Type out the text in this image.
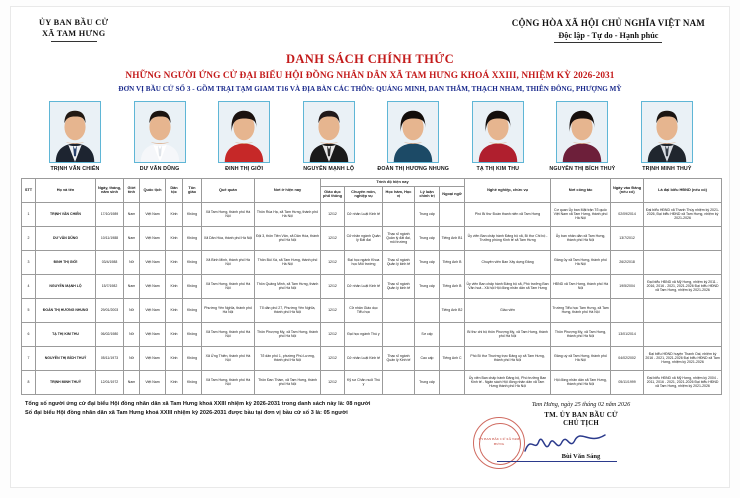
ỦY BAN BẦU CỬ
XÃ TAM HƯNG
CỘNG HÒA XÃ HỘI CHỦ NGHĨA VIỆT NAM
Độc lập - Tự do - Hạnh phúc
DANH SÁCH CHÍNH THỨC
NHỮNG NGƯỜI ỨNG CỬ ĐẠI BIỂU HỘI ĐỒNG NHÂN DÂN XÃ TAM HƯNG KHOÁ XXIII, NHIỆM KỲ 2026-2031
ĐƠN VỊ BẦU CỬ SỐ 3 - GỒM TRẠI TẠM GIAM T16 VÀ ĐỊA BÀN CÁC THÔN: QUẢNG MINH, DAN THẮM, THẠCH NHAM, THIÊN ĐÔNG, PHƯỢNG MỸ
TRỊNH VĂN CHIẾN	DƯ VĂN DŨNG	ĐINH THỊ GIỚI	NGUYỄN MẠNH LỘ	ĐOÀN THỊ HƯƠNG NHUNG	TẠ THỊ KIM THU	NGUYỄN THỊ BÍCH THUỶ	TRỊNH MINH THUỶ
STT	Họ và tên	Ngày, tháng, năm sinh	Giới tính	Quốc tịch	Dân tộc	Tôn giáo	Quê quán	Nơi ở hiện nay	Trình độ hiện nay					Nghề nghiệp, chức vụ	Nơi công tác	Ngày vào Đảng (nếu có)	Là đại biểu HĐND (nếu có)
									Giáo dục phổ thông	Chuyên môn, nghiệp vụ	Học hàm, Học vị	Lý luận chính trị	Ngoại ngữ				
1	TRỊNH VĂN CHIẾN	17/10/1989	Nam	Việt Nam	Kinh	Không	Xã Tam Hưng, thành phố Hà Nội	Thôn Rùa Hạ, xã Tam Hưng, thành phố Hà Nội	12/12	Cử nhân Luật Kinh tế		Trung cấp		Phó Bí thư Đoàn thanh niên xã Tam Hưng	Cơ quan Ủy ban Mặt trận Tổ quốc Việt Nam xã Tam Hưng, thành phố Hà Nội	02/09/2014	Đại biểu HĐND xã Thanh Thùy nhiệm kỳ 2021-2026, Đại biểu HĐND xã Tam Hưng, nhiệm kỳ 2021-2026
2	DƯ VĂN DŨNG	10/11/1988	Nam	Việt Nam	Kinh	Không	Xã Dân Hòa, thành phố Hà Nội	Đội 3, thôn Tiên Vân, xã Dân Hòa, thành phố Hà Nội	12/12	Cử nhân ngành Quản lý Đất đai	Thạc sĩ ngành Quản lý đất đai, môi trường	Trung cấp	Tiếng Anh B1	Ủy viên Ban chấp hành Đảng bộ xã, Bí thư Chi bộ - Trưởng phòng Kinh tế xã Tam Hưng	Ủy ban nhân dân xã Tam Hưng, thành phố Hà Nội	13/7/2012	
3	ĐINH THỊ GIỚI	03/4/1988	Nữ	Việt Nam	Kinh	Không	Xã Bình Minh, thành phố Hà Nội	Thôn Bùi Xá, xã Tam Hưng, thành phố Hà Nội	12/12	Đại học ngành Khoa học Môi trường	Thạc sĩ ngành Quản lý kinh tế	Trung cấp	Tiếng Anh B	Chuyên viên Ban Xây dựng Đảng	Đảng ủy xã Tam Hưng, thành phố Hà Nội	26/2/2018	
4	NGUYỄN MẠNH LỘ	15/7/1982	Nam	Việt Nam	Kinh	Không	Xã Tam Hưng, thành phố Hà Nội	Thôn Quảng Minh, xã Tam Hưng, thành phố Hà Nội	12/12	Cử nhân Luật Kinh tế	Thạc sĩ ngành Quản lý kinh tế	Trung cấp	Tiếng Anh B	Ủy viên Ban chấp hành Đảng bộ xã, Phó trưởng Ban Văn hoá - Xã hội Hội đồng nhân dân xã Tam Hưng	HĐND xã Tam Hưng, thành phố Hà Nội	19/5/2004	Đại biểu HĐND xã Mỹ Hưng, nhiệm kỳ 2011 - 2016, 2016 - 2021, 2021-2026 Đại biểu HĐND xã Tam Hưng, nhiệm kỳ 2021-2026
5	ĐOÀN THỊ HƯƠNG NHUNG	29/01/2003	Nữ	Việt Nam	Kinh	Không	Phường Yên Nghĩa, thành phố Hà Nội	Tổ dân phố 27, Phường Yên Nghĩa, thành phố Hà Nội	12/12	Cử nhân Giáo dục Tiểu học			Tiếng Anh B2	Giáo viên	Trường Tiểu học Tam Hưng, xã Tam Hưng, thành phố Hà Nội		
6	TẠ THỊ KIM THU	06/02/1980	Nữ	Việt Nam	Kinh	Không	Xã Tam Hưng, thành phố Hà Nội	Thôn Phượng Mỵ, xã Tam Hưng, thành phố Hà Nội	12/12	Đại học ngành Thú y		Sơ cấp		Bí thư chi bộ thôn Phượng Mỵ, xã Tam Hưng, thành phố Hà Nội	Thôn Phượng Mỵ, xã Tam Hưng, thành phố Hà Nội	13/01/2014	
7	NGUYỄN THỊ BÍCH THUỶ	05/11/1973	Nữ	Việt Nam	Kinh	Không	Xã Ứng Thiên, thành phố Hà Nội	Tổ dân phố 1, phường Phú Lương, thành phố Hà Nội	12/12	Cử nhân Luật Kinh tế	Thạc sĩ ngành Quản lý Kinh tế	Cao cấp	Tiếng Anh C	Phó Bí thư Thường trực Đảng uỷ xã Tam Hưng, thành phố Hà Nội	Đảng uỷ xã Tam Hưng, thành phố Hà Nội	04/02/2002	Đại biểu HĐND huyện Thanh Oai, nhiệm kỳ 2016 - 2021, 2021-2026 Đại biểu HĐND xã Tam Hưng, nhiệm kỳ 2021-2026
8	TRỊNH MINH THUỶ	12/01/1972	Nam	Việt Nam	Kinh	Không	Xã Tam Hưng, thành phố Hà Nội	Thôn Đan Thầm, xã Tam Hưng, thành phố Hà Nội	12/12	Kỹ sư Chăn nuôi Thú y		Trung cấp		Ủy viên Ban chấp hành Đảng bộ, Phó trưởng Ban Kinh tế - Ngân sách Hội đồng nhân dân xã Tam Hưng thành phố Hà Nội	Hội đồng nhân dân xã Tam Hưng, thành phố Hà Nội	05/11/1999	Đại biểu HĐND xã Mỹ Hưng, nhiệm kỳ 2004 - 2011, 2016 - 2021, 2021-2026 Đại biểu HĐND xã Tam Hưng, nhiệm kỳ 2021-2026
Tổng số người ứng cử đại biểu Hội đồng nhân dân xã Tam Hưng khoá XXIII nhiệm kỳ 2026-2031 trong danh sách này là: 08 người
Số đại biểu Hội đồng nhân dân xã Tam Hưng khoá XXIII nhiệm kỳ 2026-2031 được bầu tại đơn vị bầu cử số 3 là: 05 người
Tam Hưng, ngày 25 tháng 02 năm 2026
TM. ỦY BAN BẦU CỬ
CHỦ TỊCH
ỦY BAN BẦU CỬ XÃ TAM HƯNG
Bùi Văn Sáng
